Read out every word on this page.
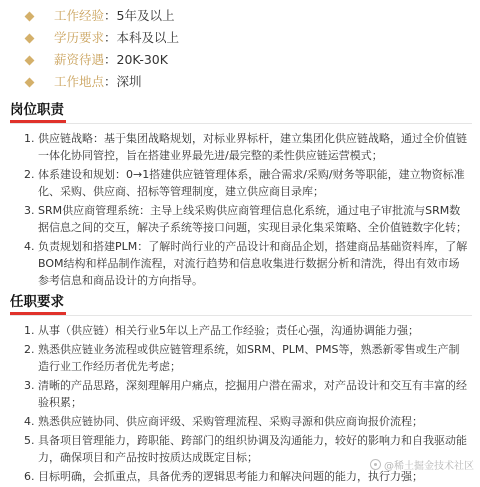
工作经验 ： 5年及以上
学历要求 ： 本科及以上
薪资待遇 ： 20K-30K
工作地点 ： 深圳
岗位职责
1. 供应链战略：基于集团战略规划，对标业界标杆，建立集团化供应链战略，通过全价值链一体化协同管控，旨在搭建业界最先进/最完整的柔性供应链运营模式；
2. 体系建设和规划：0→1搭建供应链管理体系，融合需求/采购/财务等职能，建立物资标准化、采购、供应商、招标等管理制度，建立供应商目录库；
3. SRM供应商管理系统：主导上线采购供应商管理信息化系统，通过电子审批流与SRM数据信息之间的交互，解决子系统等接口问题，实现目录化集采策略、全价值链数字化转；
4. 负责规划和搭建PLM：了解时尚行业的产品设计和商品企划，搭建商品基础资料库，了解BOM结构和样品制作流程，对流行趋势和信息收集进行数据分析和清洗，得出有效市场参考信息和商品设计的方向指导。
任职要求
1. 从事（供应链）相关行业5年以上产品工作经验；责任心强，沟通协调能力强；
2. 熟悉供应链业务流程或供应链管理系统，如SRM、PLM、PMS等，熟悉新零售或生产制造行业工作经历者优先考虑；
3. 清晰的产品思路，深刻理解用户痛点，挖掘用户潜在需求，对产品设计和交互有丰富的经验积累；
4. 熟悉供应链协同、供应商评级、采购管理流程、采购寻源和供应商询报价流程；
5. 具备项目管理能力，跨职能、跨部门的组织协调及沟通能力，较好的影响力和自我驱动能力，确保项目和产品按时按质达成既定目标；
6. 目标明确，会抓重点，具备优秀的逻辑思考能力和解决问题的能力，执行力强；
@稀土掘金技术社区
